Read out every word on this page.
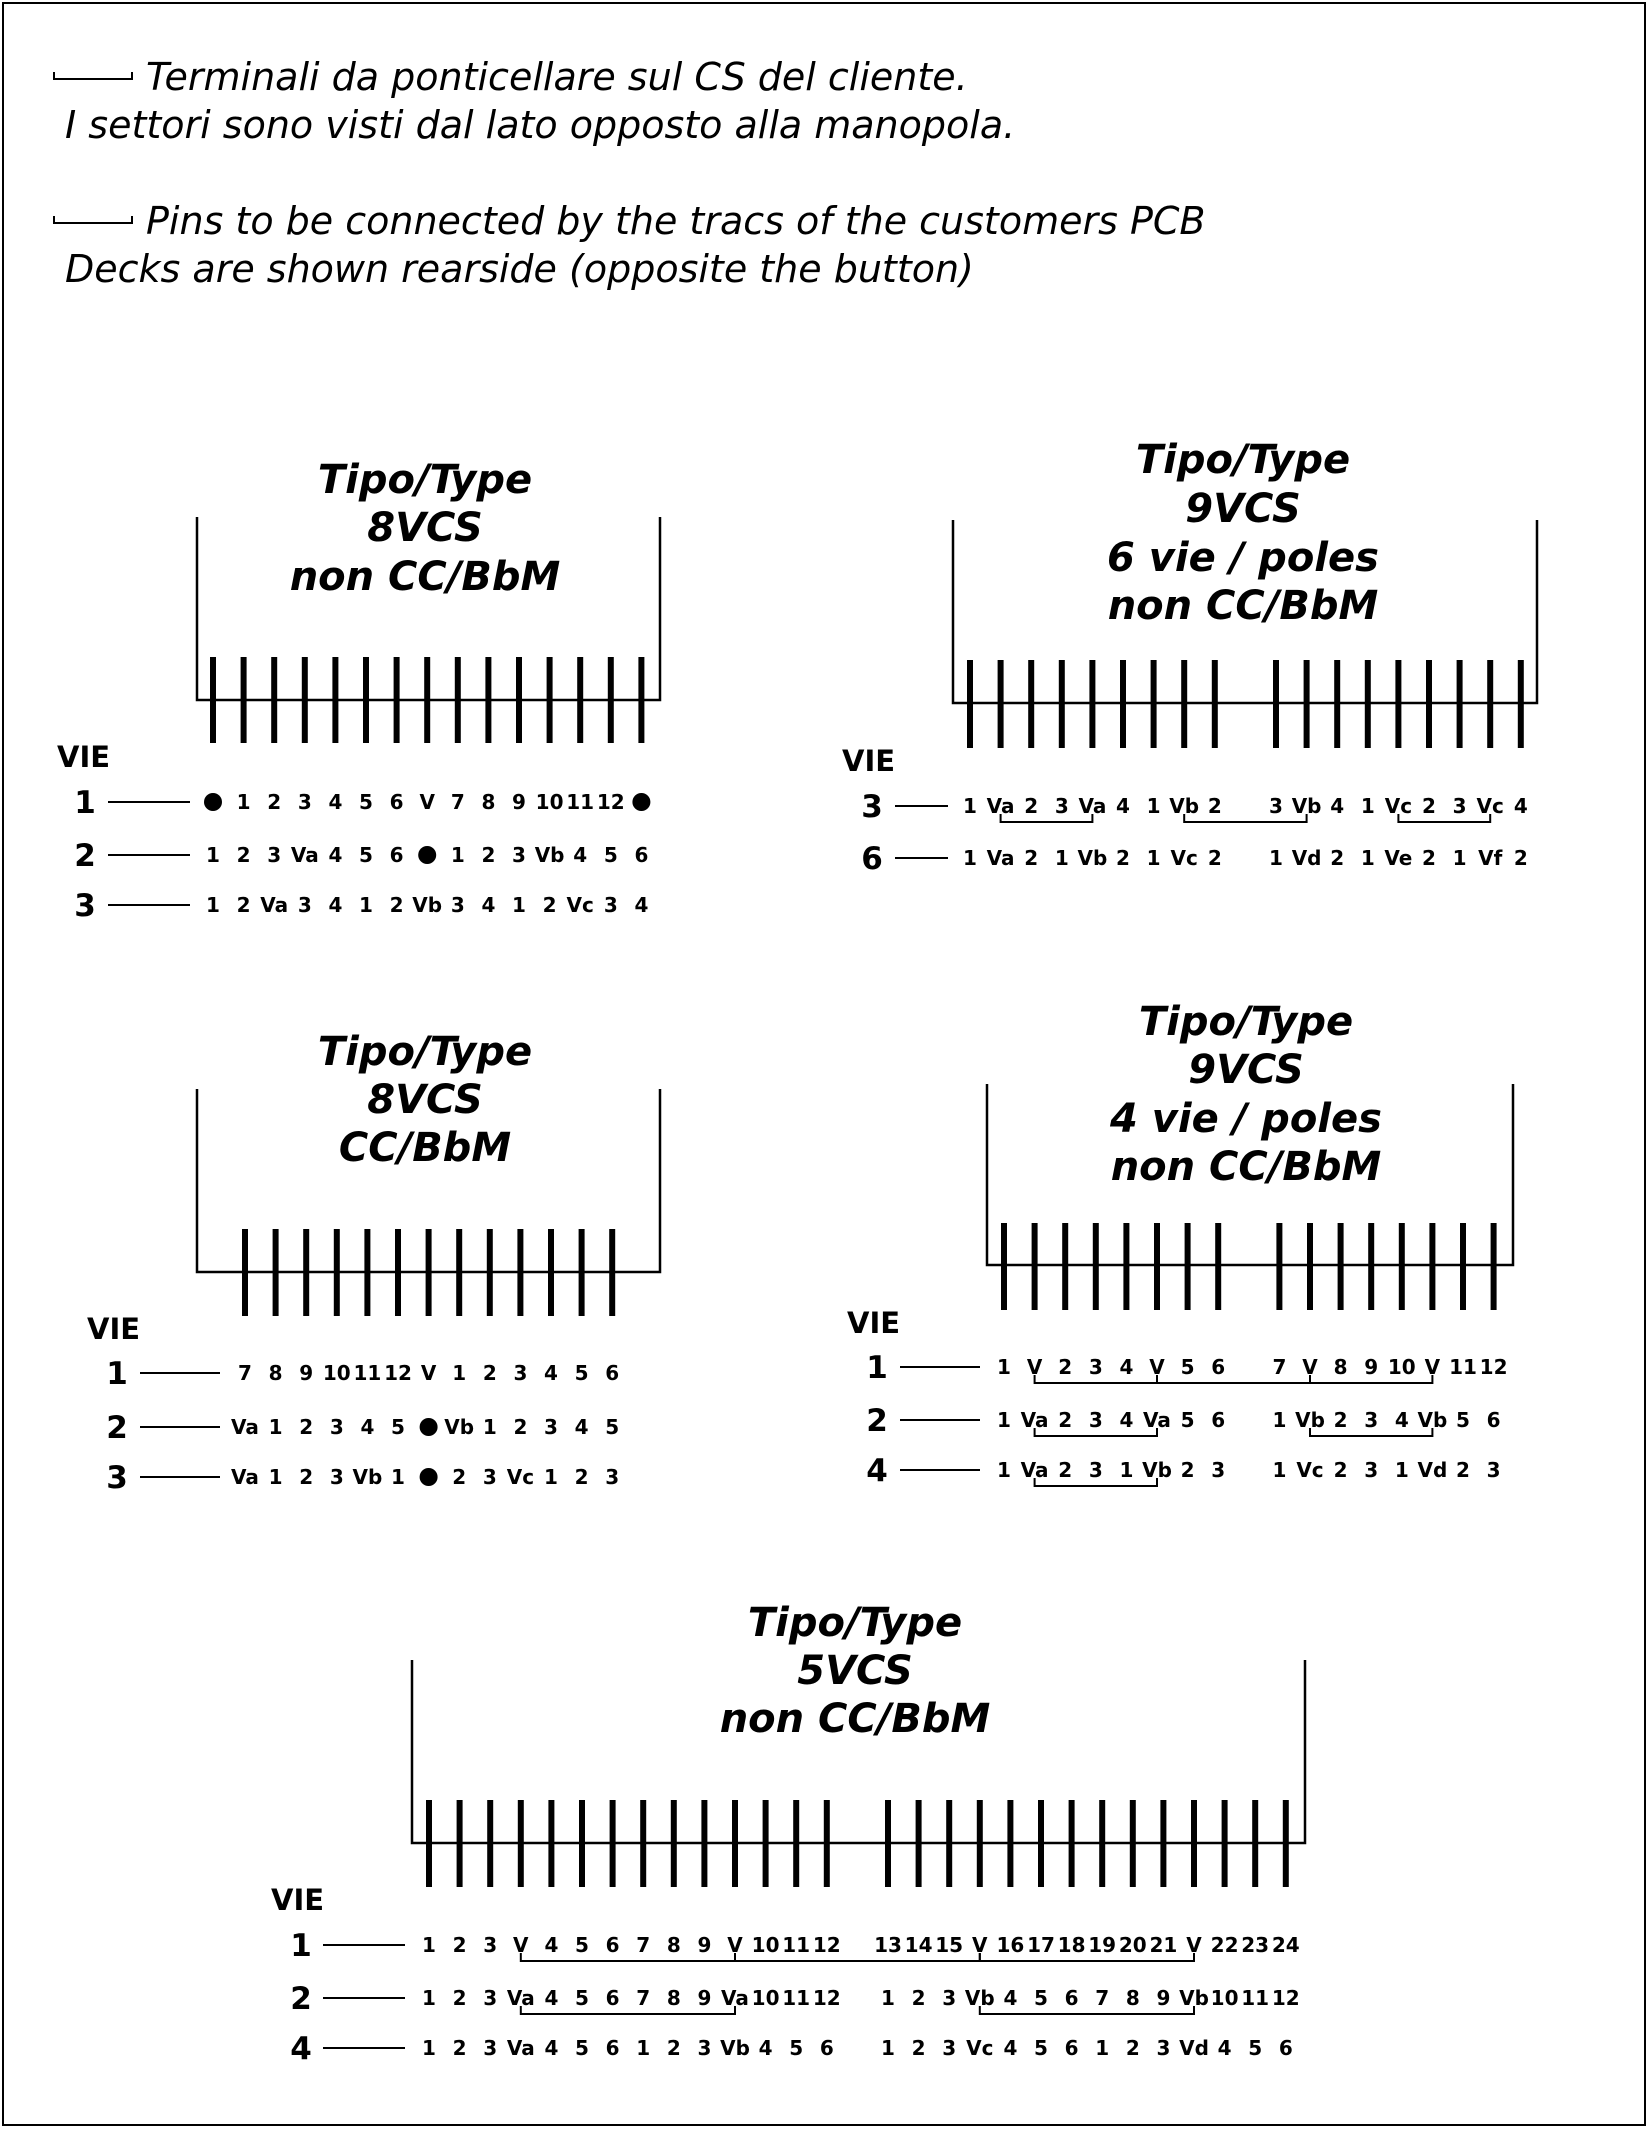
Terminali da ponticellare sul CS del cliente.
I settori sono visti dal lato opposto alla manopola.
Pins to be connected by the tracs of the customers PCB
Decks are shown rearside (opposite the button)
Tipo/Type
8VCS
non CC/BbM
VIE
1	1 2 3 4 5 6 V 7 8 9 10 11 12
2	1 2 3 Va 4 5 6 1 2 3 Vb 4 5 6
3	1 2 Va 3 4 1 2 Vb 3 4 1 2 Vc 3 4
Tipo/Type
9VCS
6 vie / poles
non CC/BbM
VIE
3	1 Va 2 3 Va 4 1 Vb 2 3 Vb 4 1 Vc 2 3 Vc 4
6	1 Va 2 1 Vb 2 1 Vc 2 1 Vd 2 1 Ve 2 1 Vf 2
Tipo/Type
8VCS
CC/BbM
VIE
1	7 8 9 10 11 12 V 1 2 3 4 5 6
2	Va 1 2 3 4 5 Vb 1 2 3 4 5
3	Va 1 2 3 Vb 1 2 3 Vc 1 2 3
Tipo/Type
9VCS
4 vie / poles
non CC/BbM
VIE
1	1 V 2 3 4 V 5 6 7 V 8 9 10 V 11 12
2	1 Va 2 3 4 Va 5 6 1 Vb 2 3 4 Vb 5 6
4	1 Va 2 3 1 Vb 2 3 1 Vc 2 3 1 Vd 2 3
Tipo/Type
5VCS
non CC/BbM
VIE
1	1 2 3 V 4 5 6 7 8 9 V 10 11 12 13 14 15 V 16 17 18 19 20 21 V 22 23 24
2	1 2 3 Va 4 5 6 7 8 9 Va 10 11 12 1 2 3 Vb 4 5 6 7 8 9 Vb 10 11 12
4	1 2 3 Va 4 5 6 1 2 3 Vb 4 5 6 1 2 3 Vc 4 5 6 1 2 3 Vd 4 5 6
